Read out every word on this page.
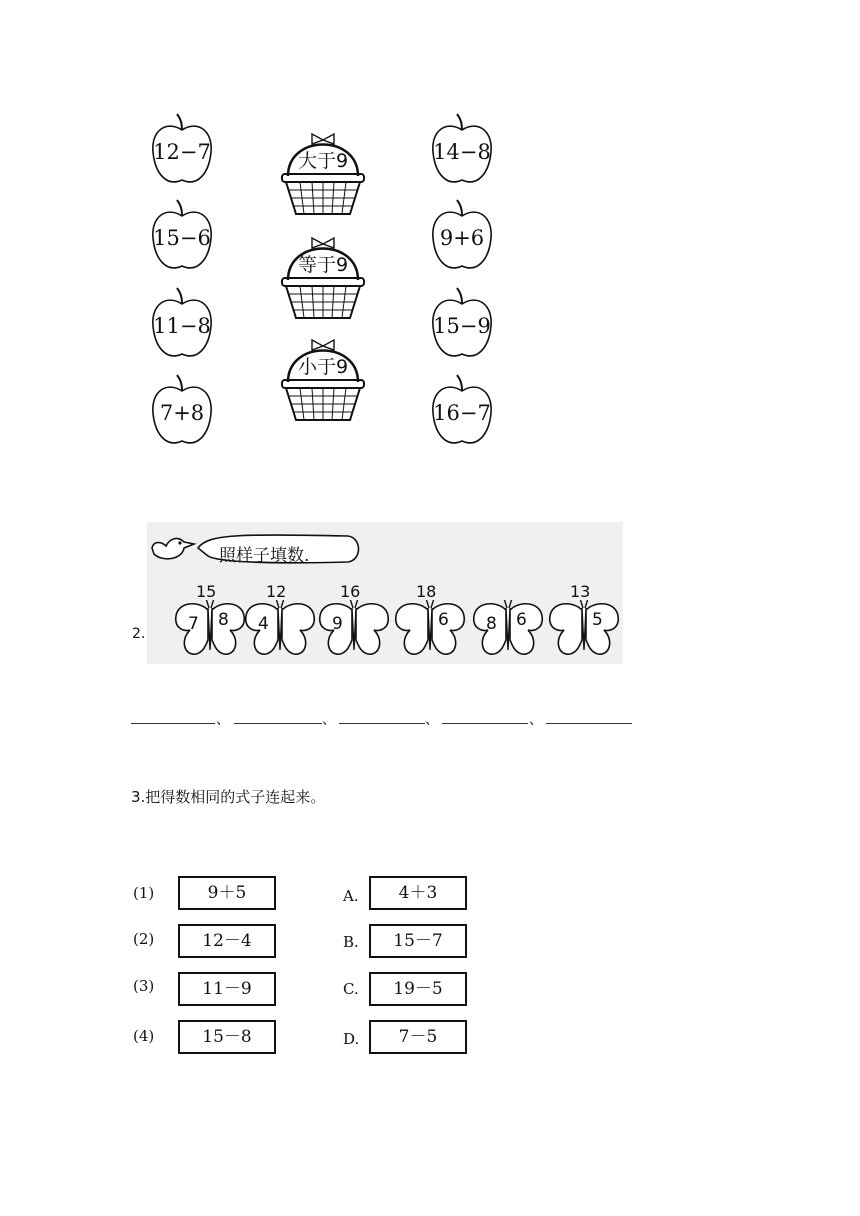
12−7
15−6
11−8
7+8
大于9
等于9
小于9
14−8
9+6
15−9
16−7
2.
照样子填数.
15
7 8
12
4
16
9
18
6 8 6
13
5
、	、	、	、
3.把得数相同的式子连起来。
(1)	9＋5
(2)	12－4
(3)	11－9
(4)	15－8
A.	4＋3
B.	15－7
C.	19－5
D.	7－5
